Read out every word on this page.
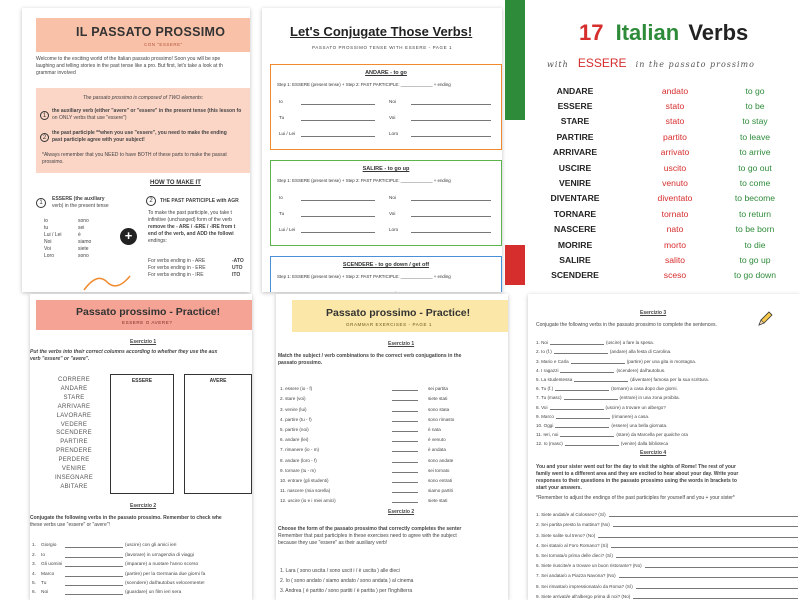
IL PASSATO PROSSIMO
CON "ESSERE"
Welcome to the exciting world of the Italian passato prossimo! Soon you will be spe
laughing and telling stories in the past tense like a pro. But first, let's take a look at th
grammar involved
The passato prossimo is composed of TWO elements:
1
the auxiliary verb (either "avere" or "essere" in the present tense (this lesson fo
on ONLY verbs that use "essere")
2
the past participle **when you use "essere", you need to make the ending
past participle agree with your subject!
*Always remember that you NEED to have BOTH of these parts to make the passat
prossimo.
HOW TO MAKE IT
1
ESSERE (the auxiliary
verb) in the present tense
io	sono
tu	sei
Lui / Lei	è
Noi	siamo
Voi	siete
Loro	sono
+
2	THE PAST PARTICIPLE with AGR
To make the past participle, you take t
infinitive (unchanged) form of the verb
remove the - ARE / -ERE / -IRE from t
end of the verb, and ADD the followi
endings:
For verbs ending in - ARE	-ATO
For verbs ending in - ERE	UTO
For verbs ending in - IRE	ITO
Let's Conjugate Those Verbs!
PASSATO PROSSIMO TENSE WITH ESSERE - PAGE 1
ANDARE - to go
Step 1: ESSERE (present tense) + Step 2: PAST PARTICIPLE: _____________ + ending
Io	Noi
Tu	Voi
Lui / Lei	Loro
SALIRE - to go up
Step 1: ESSERE (present tense) + Step 2: PAST PARTICIPLE: _____________ + ending
Io	Noi
Tu	Voi
Lui / Lei	Loro
SCENDERE - to go down / get off
Step 1: ESSERE (present tense) + Step 2: PAST PARTICIPLE: _____________ + ending
17 Italian Verbs
with ESSERE in the passato prossimo
ANDARE	andato	to go
ESSERE	stato	to be
STARE	stato	to stay
PARTIRE	partito	to leave
ARRIVARE	arrivato	to arrive
USCIRE	uscito	to go out
VENIRE	venuto	to come
DIVENTARE	diventato	to become
TORNARE	tornato	to return
NASCERE	nato	to be born
MORIRE	morto	to die
SALIRE	salito	to go up
SCENDERE	sceso	to go down
Passato prossimo - Practice!
ESSERE O AVERE?
Esercizio 1
Put the verbs into their correct columns according to whether they use the aux
verb "essere" or "avere".
CORRERE
ANDARE
STARE
ARRIVARE
LAVORARE
VEDERE
SCENDERE
PARTIRE
PRENDERE
PERDERE
VENIRE
INSEGNARE
ABITARE
ESSERE	AVERE
Esercizio 2
Conjugate the following verbs in the passato prossimo. Remember to check whe
these verbs use "essere" or "avere"!
1.	Giorgio	(uscire) con gli amici ieri
2.	Io	(lavorare) in un'agenzia di viaggi
3.	Gli uomini	(imparare) a nuotare l'anno scorso
4.	Marco	(partire) per la Germania due giorni fa
5.	Tu	(scendere) dall'autobus velocemente!
6.	Noi	(guardare) un film ieri sera
Passato prossimo - Practice!
GRAMMAR EXERCISES - PAGE 1
Esercizio 1
Match the subject / verb combinations to the correct verb conjugations in the
passato prossimo.
1. essere (io - f)	sei partita
2. stare (voi)	siete stati
3. venire (lui)	sono stata
4. partire (tu - f)	sono rimasto
5. partire (noi)	è nata
6. andare (lei)	è venuto
7. rimanere (io - m)	è andata
8. andare (loro - f)	sono andate
9. tornare (tu - m)	sei tornato
10. entrare (gli studenti)	sono entrati
11. nascere (mia sorella)	siamo partiti
12. uscire (io e i miei amici)	siete stati
Esercizio 2
Choose the form of the passato prossimo that correctly completes the senter
Remember that past participles in these exercises need to agree with the subject
because they use "essere" as their auxiliary verb!
1. Lara ( sono uscita / sono uscit i / è uscita ) alle dieci
2. Io ( sono andato / siamo andato / sono andata ) al cinema
3. Andrea ( è partito / sono partiti / è partita ) per l'Inghilterra
Esercizio 3
Conjugate the following verbs in the passato prossimo to complete the sentences.
1. Noi	(uscire) a fare la spesa.
2. Io (f.)	(andare) alla festa di Carolina.
3. Mario e Carla	(partire) per una gita in montagna.
4. I ragazzi	(scendere) dall'autobus.
5. La studentessa	(diventare) famosa per la sua scrittura.
6. Tu (f.)	(tornare) a casa dopo due giorni.
7. Tu (masc)	(entrare) in una zona proibita.
8. Voi	(uscire) a trovare un albergo?
9. Marco	(rimanere) a casa.
10. Oggi	(essere) una bella giornata.
11. Ieri, noi	(stare) da Marcella per qualche ora
12. Io (masc)	(venire) dalla biblioteca
Esercizio 4
You and your sister went out for the day to visit the sights of Rome! The rest of your
family went to a different area and they are excited to hear about your day. Write your
responses to their questions in the passato prossimo using the words in brackets to
start your answers.
*Remember to adjust the endings of the past participles for yourself and you + your sister*
1. Siete andati/e al Colosseo? (Sì)
2. Sei partita presto la mattina? (No)
3. Siete salite sul treno? (No)
4. Sei stata/o al Foro Romano? (Sì)
5. Sei tornata/o prima delle dieci? (Sì)
6. Siete riuscite/e a trovare un buon ristorante? (No)
7. Sei andata/o a Piazza Navona? (No)
8. Sei rimasta/o impressionata/o da Roma? (Sì)
9. Siete arrivati/e all'albergo prima di noi? (No)
